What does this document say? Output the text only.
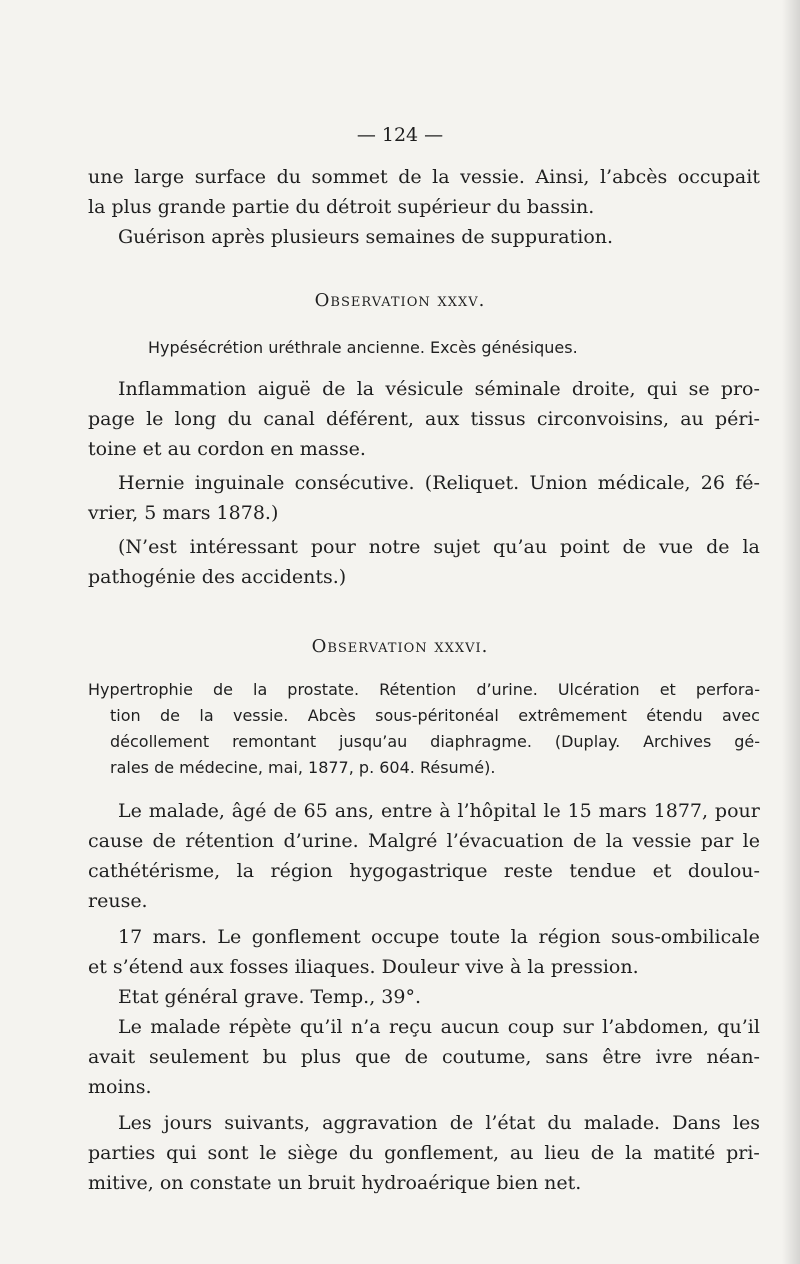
— 124 —
une large surface du sommet de la vessie. Ainsi, l’abcès occupait
la plus grande partie du détroit supérieur du bassin.
Guérison après plusieurs semaines de suppuration.
Observation xxxv.
Hypésécrétion uréthrale ancienne. Excès génésiques.
Inflammation aiguë de la vésicule séminale droite, qui se pro-
page le long du canal déférent, aux tissus circonvoisins, au péri-
toine et au cordon en masse.
Hernie inguinale consécutive. (Reliquet. Union médicale, 26 fé-
vrier, 5 mars 1878.)
(N’est intéressant pour notre sujet qu’au point de vue de la
pathogénie des accidents.)
Observation xxxvi.
Hypertrophie de la prostate. Rétention d’urine. Ulcération et perfora-
tion de la vessie. Abcès sous-péritonéal extrêmement étendu avec
décollement remontant jusqu’au diaphragme. (Duplay. Archives gé-
rales de médecine, mai, 1877, p. 604. Résumé).
Le malade, âgé de 65 ans, entre à l’hôpital le 15 mars 1877, pour
cause de rétention d’urine. Malgré l’évacuation de la vessie par le
cathétérisme, la région hygogastrique reste tendue et doulou-
reuse.
17 mars. Le gonflement occupe toute la région sous-ombilicale
et s’étend aux fosses iliaques. Douleur vive à la pression.
Etat général grave. Temp., 39°.
Le malade répète qu’il n’a reçu aucun coup sur l’abdomen, qu’il
avait seulement bu plus que de coutume, sans être ivre néan-
moins.
Les jours suivants, aggravation de l’état du malade. Dans les
parties qui sont le siège du gonflement, au lieu de la matité pri-
mitive, on constate un bruit hydroaérique bien net.
